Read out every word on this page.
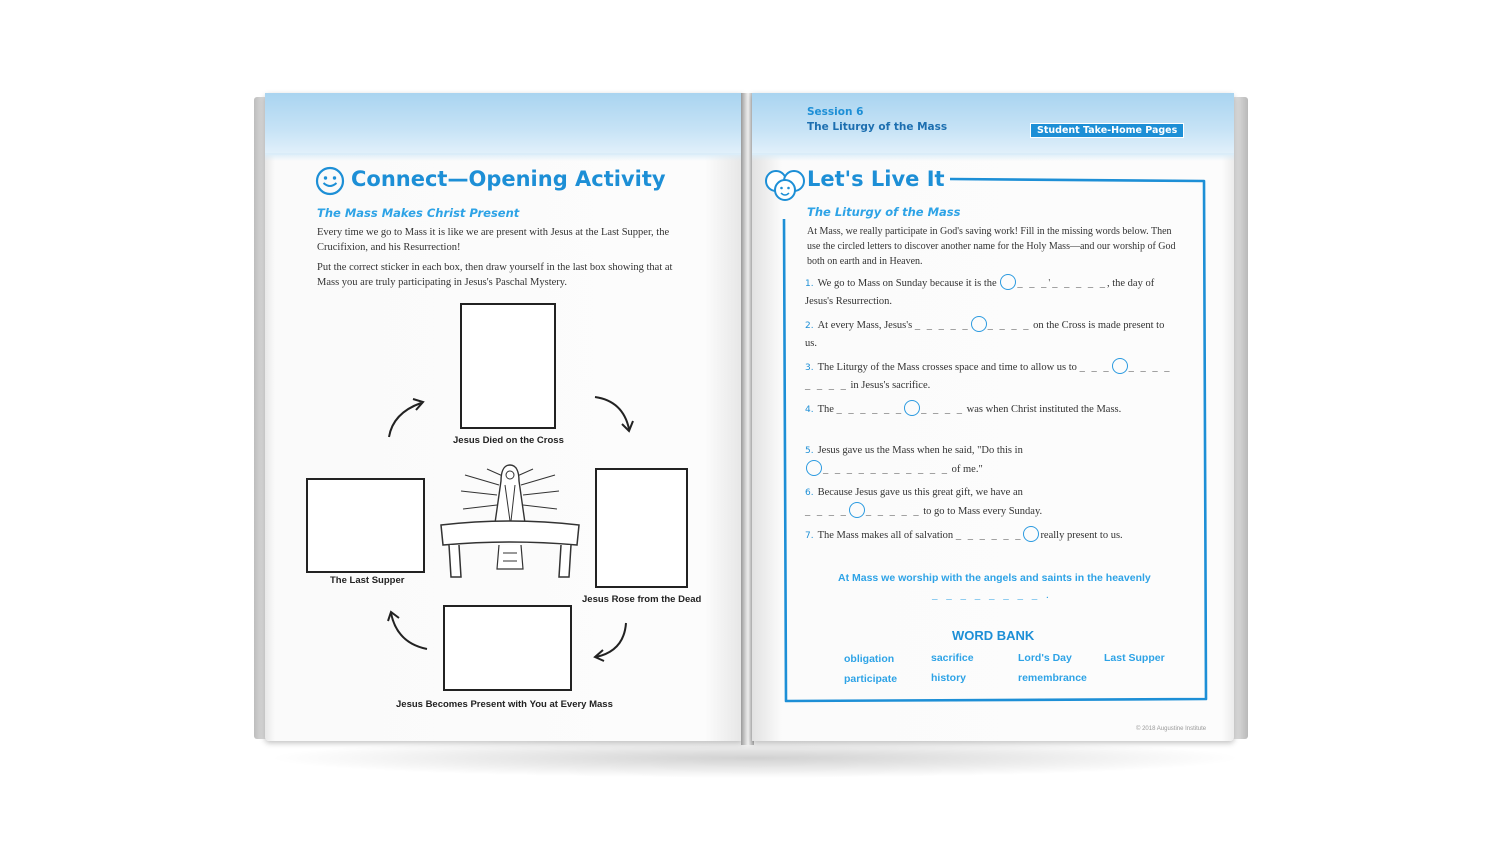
Connect—Opening Activity
The Mass Makes Christ Present
Every time we go to Mass it is like we are present with Jesus at the Last Supper, the Crucifixion, and his Resurrection!
Put the correct sticker in each box, then draw yourself in the last box showing that at Mass you are truly participating in Jesus's Paschal Mystery.
Jesus Died on the Cross
The Last Supper
Jesus Rose from the Dead
Jesus Becomes Present with You at Every Mass
Session 6
The Liturgy of the Mass	Student Take-Home Pages
Let's Live It
The Liturgy of the Mass
At Mass, we really participate in God's saving work! Fill in the missing words below. Then use the circled letters to discover another name for the Holy Mass—and our worship of God both on earth and in Heaven.
1. We go to Mass on Sunday because it is the _ _ _'_ _ _ _ _, the day of Jesus's Resurrection.
2. At every Mass, Jesus's _ _ _ _ _ _ _ _ _ on the Cross is made present to us.
3. The Liturgy of the Mass crosses space and time to allow us to _ _ _ _ _ _ _ _ _ _ _ in Jesus's sacrifice.
4. The _ _ _ _ _ _ _ _ _ _ was when Christ instituted the Mass.
5. Jesus gave us the Mass when he said, "Do this in
_ _ _ _ _ _ _ _ _ _ _ of me."
6. Because Jesus gave us this great gift, we have an
_ _ _ _ _ _ _ _ _ to go to Mass every Sunday.
7. The Mass makes all of salvation _ _ _ _ _ _ really present to us.
At Mass we worship with the angels and saints in the heavenly
_ _ _ _ _ _ _ _ .
WORD BANK
obligation	sacrifice	Lord's Day	Last Supper
participate	history	remembrance
© 2018 Augustine Institute
